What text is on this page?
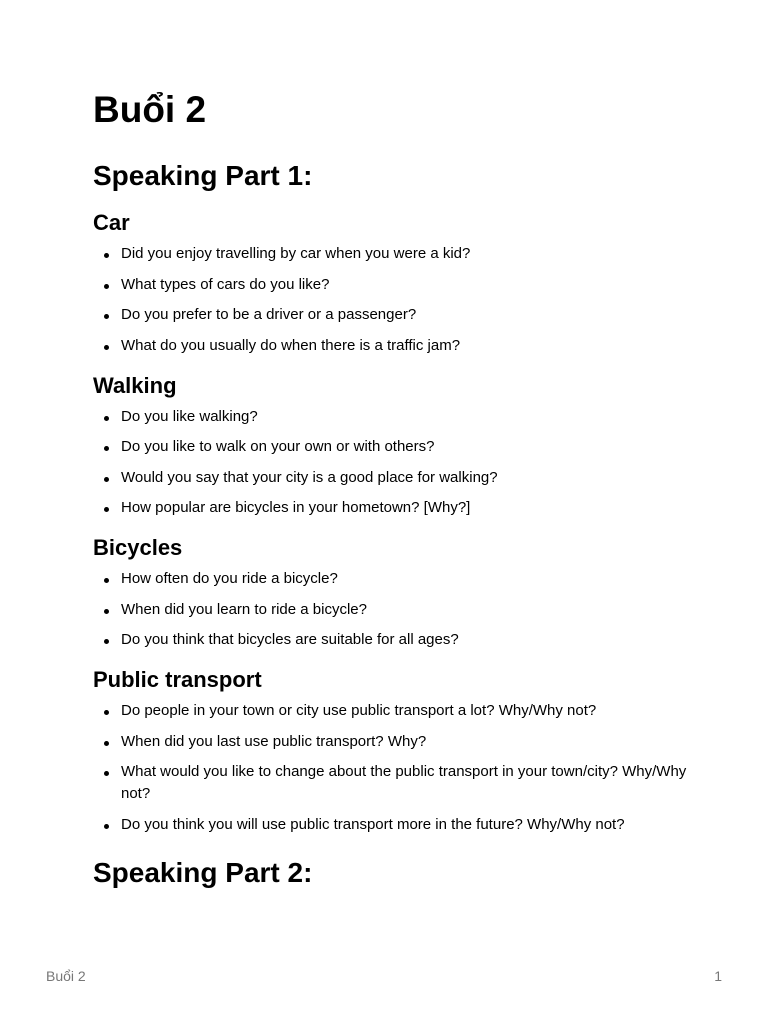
Buổi 2
Speaking Part 1:
Car
Did you enjoy travelling by car when you were a kid?
What types of cars do you like?
Do you prefer to be a driver or a passenger?
What do you usually do when there is a traffic jam?
Walking
Do you like walking?
Do you like to walk on your own or with others?
Would you say that your city is a good place for walking?
How popular are bicycles in your hometown? [Why?]
Bicycles
How often do you ride a bicycle?
When did you learn to ride a bicycle?
Do you think that bicycles are suitable for all ages?
Public transport
Do people in your town or city use public transport a lot? Why/Why not?
When did you last use public transport? Why?
What would you like to change about the public transport in your town/city? Why/Why not?
Do you think you will use public transport more in the future? Why/Why not?
Speaking Part 2:
Buổi 2	1
